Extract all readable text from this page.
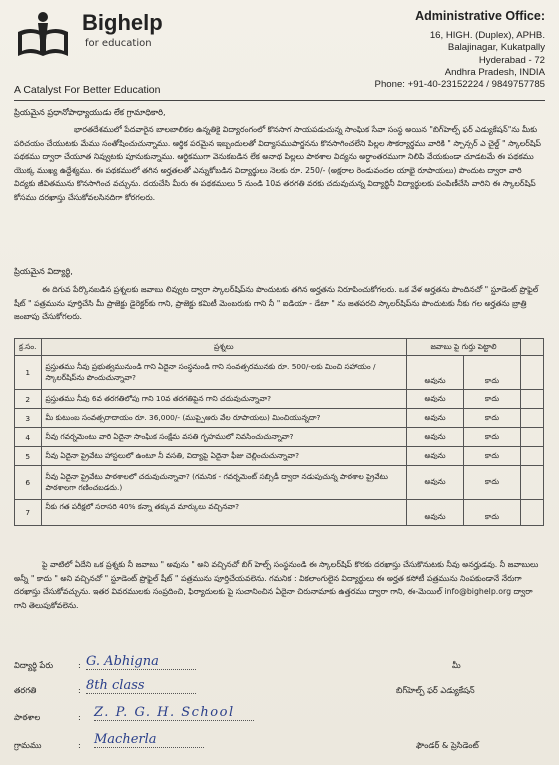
Bighelp
for education
A Catalyst For Better Education
Administrative Office:
16, HIGH. (Duplex), APHB.
Balajinagar, Kukatpally
Hyderabad - 72
Andhra Pradesh, INDIA
Phone: +91-40-23152224 / 9849757785
ప్రియమైన ప్రధానోపాధ్యాయుడు లేక గ్రామాధికారి,
భారతదేశములో పేదవారైన బాలబాలికల ఉన్నతికై విద్యారంగంలో కొనసాగ సాయపడుచున్న సాంఘిక సేవా సంస్థ అయిన "బిగ్‌హెల్ప్ ఫర్ ఎడ్యుకేషన్"ను మీకు పరిచయం చేయుటకు మేము సంతోషించుచున్నాము. ఆర్థిక పరమైన ఇబ్బందులతో విద్యాసముపార్జనను కొనసాగించలేని పిల్లల సౌకర్యార్థము వారికి " స్పాన్సర్ ఎ చైల్డ్ " స్కాలర్‌షిప్ పథకము ద్వారా చేయూత నివ్వుటకు పూనుకున్నాము. ఆర్థికముగా వెనుకబడిన లేక అనాథ పిల్లలు పాఠశాల విద్యను అర్ధాంతరముగా నిలిపి వేయకుండా చూడటమే ఈ పథకము యొక్క ముఖ్య ఉద్దేశ్యము. ఈ పథకములో తగిన అర్హతలతో ఎన్నుకోబడిన విద్యార్థులు నెలకు రూ. 250/- (అక్షరాల రెండువందల యాభై రూపాయలు) పొందుట ద్వారా వారి విద్యకు జీవితమును కొనసాగించ వచ్చును. దయచేసి మీరు ఈ పథకములు 5 నుండి 10వ తరగతి వరకు చదువుచున్న విద్యార్థినీ విద్యార్థులకు పంపిణీచేసి వారిని ఈ స్కాలర్‌షిప్ కోసము దరఖాస్తు చేసుకోవలసినదిగా కోరగలరు.
ప్రియమైన విద్యార్థి,
ఈ దిగువ పేర్కొనబడిన ప్రశ్నలకు జవాబు లివ్వుట ద్వారా స్కాలర్‌షిప్‌ను పొందుటకు తగిన అర్హతను నిరూపించుకోగలరు. ఒక వేళ అర్హతను పొందినచో " స్టూడెంట్ ప్రొఫైల్ షీట్ " పత్రమును పూర్తిచేసి మీ ప్రాజెక్టు డైరెక్టర్‌కు గాని, ప్రాజెక్టు కమిటీ మెంబరుకు గాని నీ " ఐడియా - డేటా " ను జతపరచి స్కాలర్‌షిప్‌ను పొందుటకు నీకు గల అర్హతను బ్రాత్రి జంబాపు చేసుకోగలరు.
క్ర.సం.	ప్రశ్నలు	జవాబు పై గుర్తు పెట్టాలి		
1	ప్రస్తుతము నీవు ప్రభుత్వమునుండి గాని ఏదైనా సంస్థనుండి గాని సంవత్సరమునకు రూ. 500/-లకు మించి సహాయం / స్కాలర్‌షిప్‌ను పొందుచున్నావా?	అవును	కాదు	
2	ప్రస్తుతము నీవు 6వ తరగతిలోపు గాని 10వ తరగతిపైన గాని చదువుచున్నావా?	అవును	కాదు	
3	మీ కుటుంబ సంవత్సరాదాయం రూ. 36,000/- (ముప్పైఆరు వేల రూపాయలు) మించియున్నదా?	అవును	కాదు	
4	నీవు గవర్నమెంటు వారి ఏదైనా సాంఘిక సంక్షేమ వసతి గృహములో నివసించుచున్నావా?	అవును	కాదు	
5	నీవు ఏదైనా ప్రైవేటు హాస్టలులో ఉంటూ నీ వసతి, విద్యాపై ఏదైనా ఫీజు చెల్లించుచున్నావా?	అవును	కాదు	
6	నీవు ఏదైనా ప్రైవేటు పాఠశాలలో చదువుచున్నావా? (గమనిక - గవర్నమెంట్ సబ్సిడీ ద్వారా నడుపుచున్న పాఠశాల ప్రైవేటు పాఠశాలగా గణించబడదు.)	అవును	కాదు	
7	నీకు గత పరీక్షలో సరాసరి 40% కన్నా తక్కువ మార్కులు వచ్చినవా?	అవును	కాదు	
పై వాటిలో ఏదేని ఒక ప్రశ్నకు నీ జవాబు " అవును " అని వచ్చినచో బిగ్ హెల్ప్ సంస్థనుండి ఈ స్కాలర్‌షిప్ కొరకు దరఖాస్తు చేసుకొనుటకు నీవు అనర్హుడవు. నీ జవాబులు అన్నీ " కాదు " అని వచ్చినచో " స్టూడెంట్ ప్రొఫైల్ షీట్ " పత్రమును పూర్తిచేయవలెను. గమనిక : వికలాంగులైన విద్యార్థులు ఈ అర్హత కసోటీ పత్రమును నింపకుండానే నేరుగా దరఖాస్తు చేసుకోవచ్చును. ఇతర వివరములకు సంప్రదించి, ఫిర్యాదులకు పై సుచానించిన ఏదైనా చిరునామాకు ఉత్తరము ద్వారా గాని, ఈ-మెయిల్ info@bighelp.org ద్వారా గాని తెలుపుకోవలెను.
విద్యార్థి పేరు	: G. Abhigna
తరగతి	: 8th class
పాఠశాల	: Z. P. G. H. School
గ్రామము	: Macherla
మీ
బిగ్‌హెల్ప్ ఫర్ ఎడ్యుకేషన్
ఫౌండర్ & ప్రెసిడెంట్
